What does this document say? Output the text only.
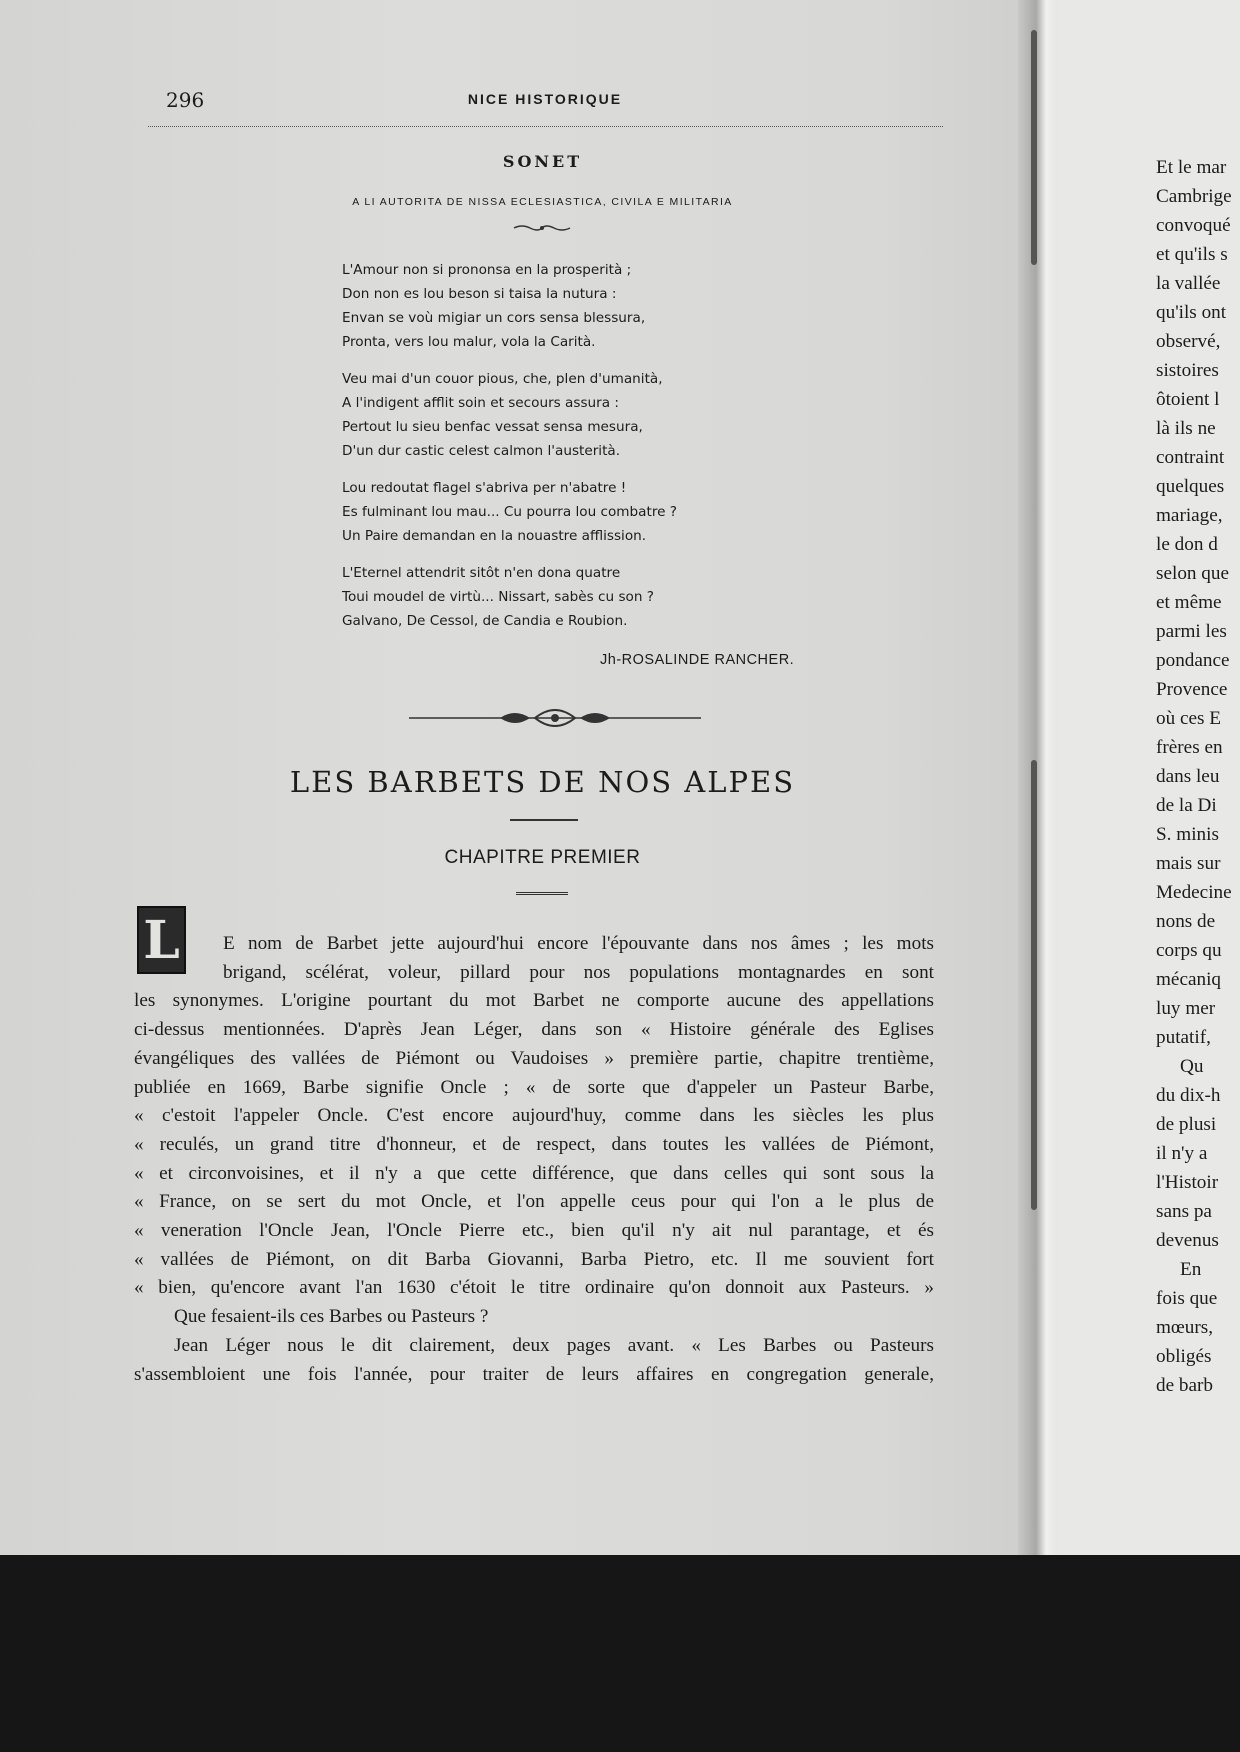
296	NICE HISTORIQUE
SONET
A LI AUTORITA DE NISSA ECLESIASTICA, CIVILA E MILITARIA
L'Amour non si prononsa en la prosperità ;
Don non es lou beson si taisa la nutura :
Envan se voù migiar un cors sensa blessura,
Pronta, vers lou malur, vola la Carità.
Veu mai d'un couor pious, che, plen d'umanità,
A l'indigent afflit soin et secours assura :
Pertout lu sieu benfac vessat sensa mesura,
D'un dur castic celest calmon l'austerità.
Lou redoutat flagel s'abriva per n'abatre !
Es fulminant lou mau... Cu pourra lou combatre ?
Un Paire demandan en la nouastre afflission.
L'Eternel attendrit sitôt n'en dona quatre
Toui moudel de virtù... Nissart, sabès cu son ?
Galvano, De Cessol, de Candia e Roubion.
Jh-ROSALINDE RANCHER.
LES BARBETS DE NOS ALPES
CHAPITRE PREMIER
L	E nom de Barbet jette aujourd'hui encore l'épouvante dans nos âmes ; les mots
brigand, scélérat, voleur, pillard pour nos populations montagnardes en sont
les synonymes. L'origine pourtant du mot Barbet ne comporte aucune des appellations
ci-dessus mentionnées. D'après Jean Léger, dans son « Histoire générale des Eglises
évangéliques des vallées de Piémont ou Vaudoises » première partie, chapitre trentième,
publiée en 1669, Barbe signifie Oncle ; « de sorte que d'appeler un Pasteur Barbe,
« c'estoit l'appeler Oncle. C'est encore aujourd'huy, comme dans les siècles les plus
« reculés, un grand titre d'honneur, et de respect, dans toutes les vallées de Piémont,
« et circonvoisines, et il n'y a que cette différence, que dans celles qui sont sous la
« France, on se sert du mot Oncle, et l'on appelle ceus pour qui l'on a le plus de
« veneration l'Oncle Jean, l'Oncle Pierre etc., bien qu'il n'y ait nul parantage, et és
« vallées de Piémont, on dit Barba Giovanni, Barba Pietro, etc. Il me souvient fort
« bien, qu'encore avant l'an 1630 c'étoit le titre ordinaire qu'on donnoit aux Pasteurs. »
Que fesaient-ils ces Barbes ou Pasteurs ?
Jean Léger nous le dit clairement, deux pages avant. « Les Barbes ou Pasteurs
s'assembloient une fois l'année, pour traiter de leurs affaires en congregation generale,
Et le mar
Cambrige
convoqué
et qu'ils s
la vallée
qu'ils ont
observé,
sistoires
ôtoient l
là ils ne
contraint
quelques
mariage,
le don d
selon que
et même
parmi les
pondance
Provence
où ces E
frères en
dans leu
de la Di
S. minis
mais sur
Medecine
nons de
corps qu
mécaniq
luy mer
putatif,
Qu
du dix-h
de plusi
il n'y a
l'Histoir
sans pa
devenus
En
fois que
mœurs,
obligés
de barb
